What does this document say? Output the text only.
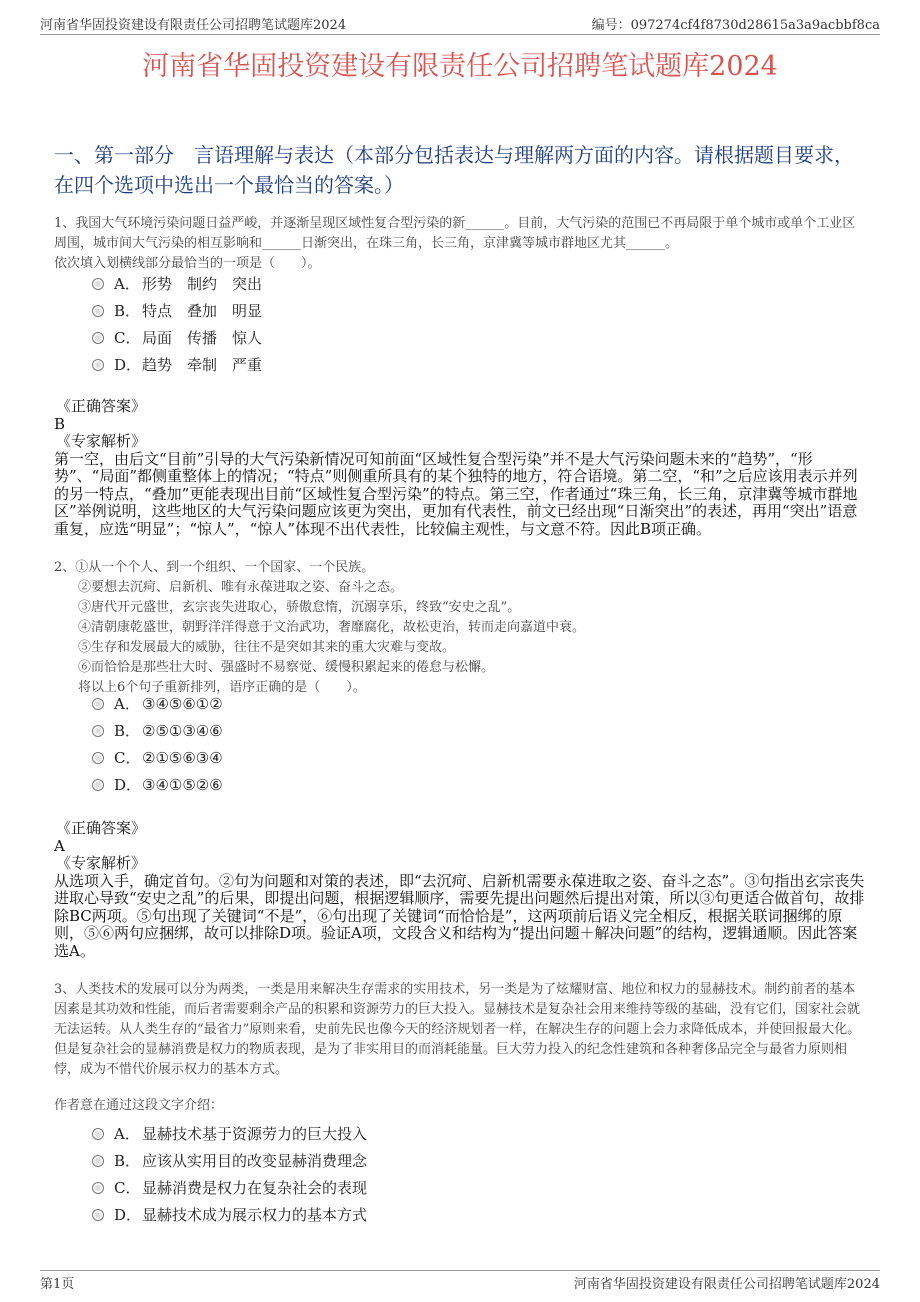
河南省华固投资建设有限责任公司招聘笔试题库2024	编号：097274cf4f8730d28615a3a9acbbf8ca
河南省华固投资建设有限责任公司招聘笔试题库2024
一、第一部分　言语理解与表达（本部分包括表达与理解两方面的内容。请根据题目要求，在四个选项中选出一个最恰当的答案。）
1、我国大气环境污染问题日益严峻，并逐渐呈现区域性复合型污染的新______。目前，大气污染的范围已不再局限于单个城市或单个工业区周围，城市间大气污染的相互影响和______日渐突出，在珠三角，长三角，京津冀等城市群地区尤其______。
依次填入划横线部分最恰当的一项是（　　）。
A． 形势　制约　突出
B． 特点　叠加　明显
C． 局面　传播　惊人
D． 趋势　牵制　严重
《正确答案》
B
《专家解析》
第一空，由后文“目前”引导的大气污染新情况可知前面“区域性复合型污染”并不是大气污染问题未来的“趋势”，“形势”、“局面”都侧重整体上的情况；“特点”则侧重所具有的某个独特的地方，符合语境。第二空，“和”之后应该用表示并列的另一特点，“叠加”更能表现出目前“区域性复合型污染”的特点。第三空，作者通过“珠三角，长三角，京津冀等城市群地区”举例说明，这些地区的大气污染问题应该更为突出，更加有代表性，前文已经出现“日渐突出”的表述，再用“突出”语意重复，应选“明显”；“惊人”，“惊人”体现不出代表性，比较偏主观性，与文意不符。因此B项正确。

2、①从一个个人、到一个组织、一个国家、一个民族。
②要想去沉疴、启新机、唯有永葆进取之姿、奋斗之态。
③唐代开元盛世，玄宗丧失进取心，骄傲怠惰，沉溺享乐，终致“安史之乱”。
④清朝康乾盛世，朝野洋洋得意于文治武功，奢靡腐化，故松吏治，转而走向嘉道中衰。
⑤生存和发展最大的威胁，往往不是突如其来的重大灾难与变故。
⑥而恰恰是那些壮大时、强盛时不易察觉、缓慢积累起来的倦怠与松懈。
将以上6个句子重新排列，语序正确的是（　　）。
A． ③④⑤⑥①②
B． ②⑤①③④⑥
C． ②①⑤⑥③④
D． ③④①⑤②⑥
《正确答案》
A
《专家解析》
从选项入手，确定首句。②句为问题和对策的表述，即“去沉疴、启新机需要永葆进取之姿、奋斗之态”。③句指出玄宗丧失进取心导致“安史之乱”的后果，即提出问题，根据逻辑顺序，需要先提出问题然后提出对策，所以③句更适合做首句，故排除BC两项。⑤句出现了关键词“不是”，⑥句出现了关键词“而恰恰是”，这两项前后语义完全相反，根据关联词捆绑的原则，⑤⑥两句应捆绑，故可以排除D项。验证A项，文段含义和结构为“提出问题＋解决问题”的结构，逻辑通顺。因此答案选A。
3、人类技术的发展可以分为两类，一类是用来解决生存需求的实用技术，另一类是为了炫耀财富、地位和权力的显赫技术。制约前者的基本因素是其功效和性能，而后者需要剩余产品的积累和资源劳力的巨大投入。显赫技术是复杂社会用来维持等级的基础，没有它们，国家社会就无法运转。从人类生存的“最省力”原则来看，史前先民也像今天的经济规划者一样，在解决生存的问题上会力求降低成本，并使回报最大化。但是复杂社会的显赫消费是权力的物质表现，是为了非实用目的而消耗能量。巨大劳力投入的纪念性建筑和各种奢侈品完全与最省力原则相悖，成为不惜代价展示权力的基本方式。
作者意在通过这段文字介绍：
A． 显赫技术基于资源劳力的巨大投入
B． 应该从实用目的改变显赫消费理念
C． 显赫消费是权力在复杂社会的表现
D． 显赫技术成为展示权力的基本方式
第1页	河南省华固投资建设有限责任公司招聘笔试题库2024
